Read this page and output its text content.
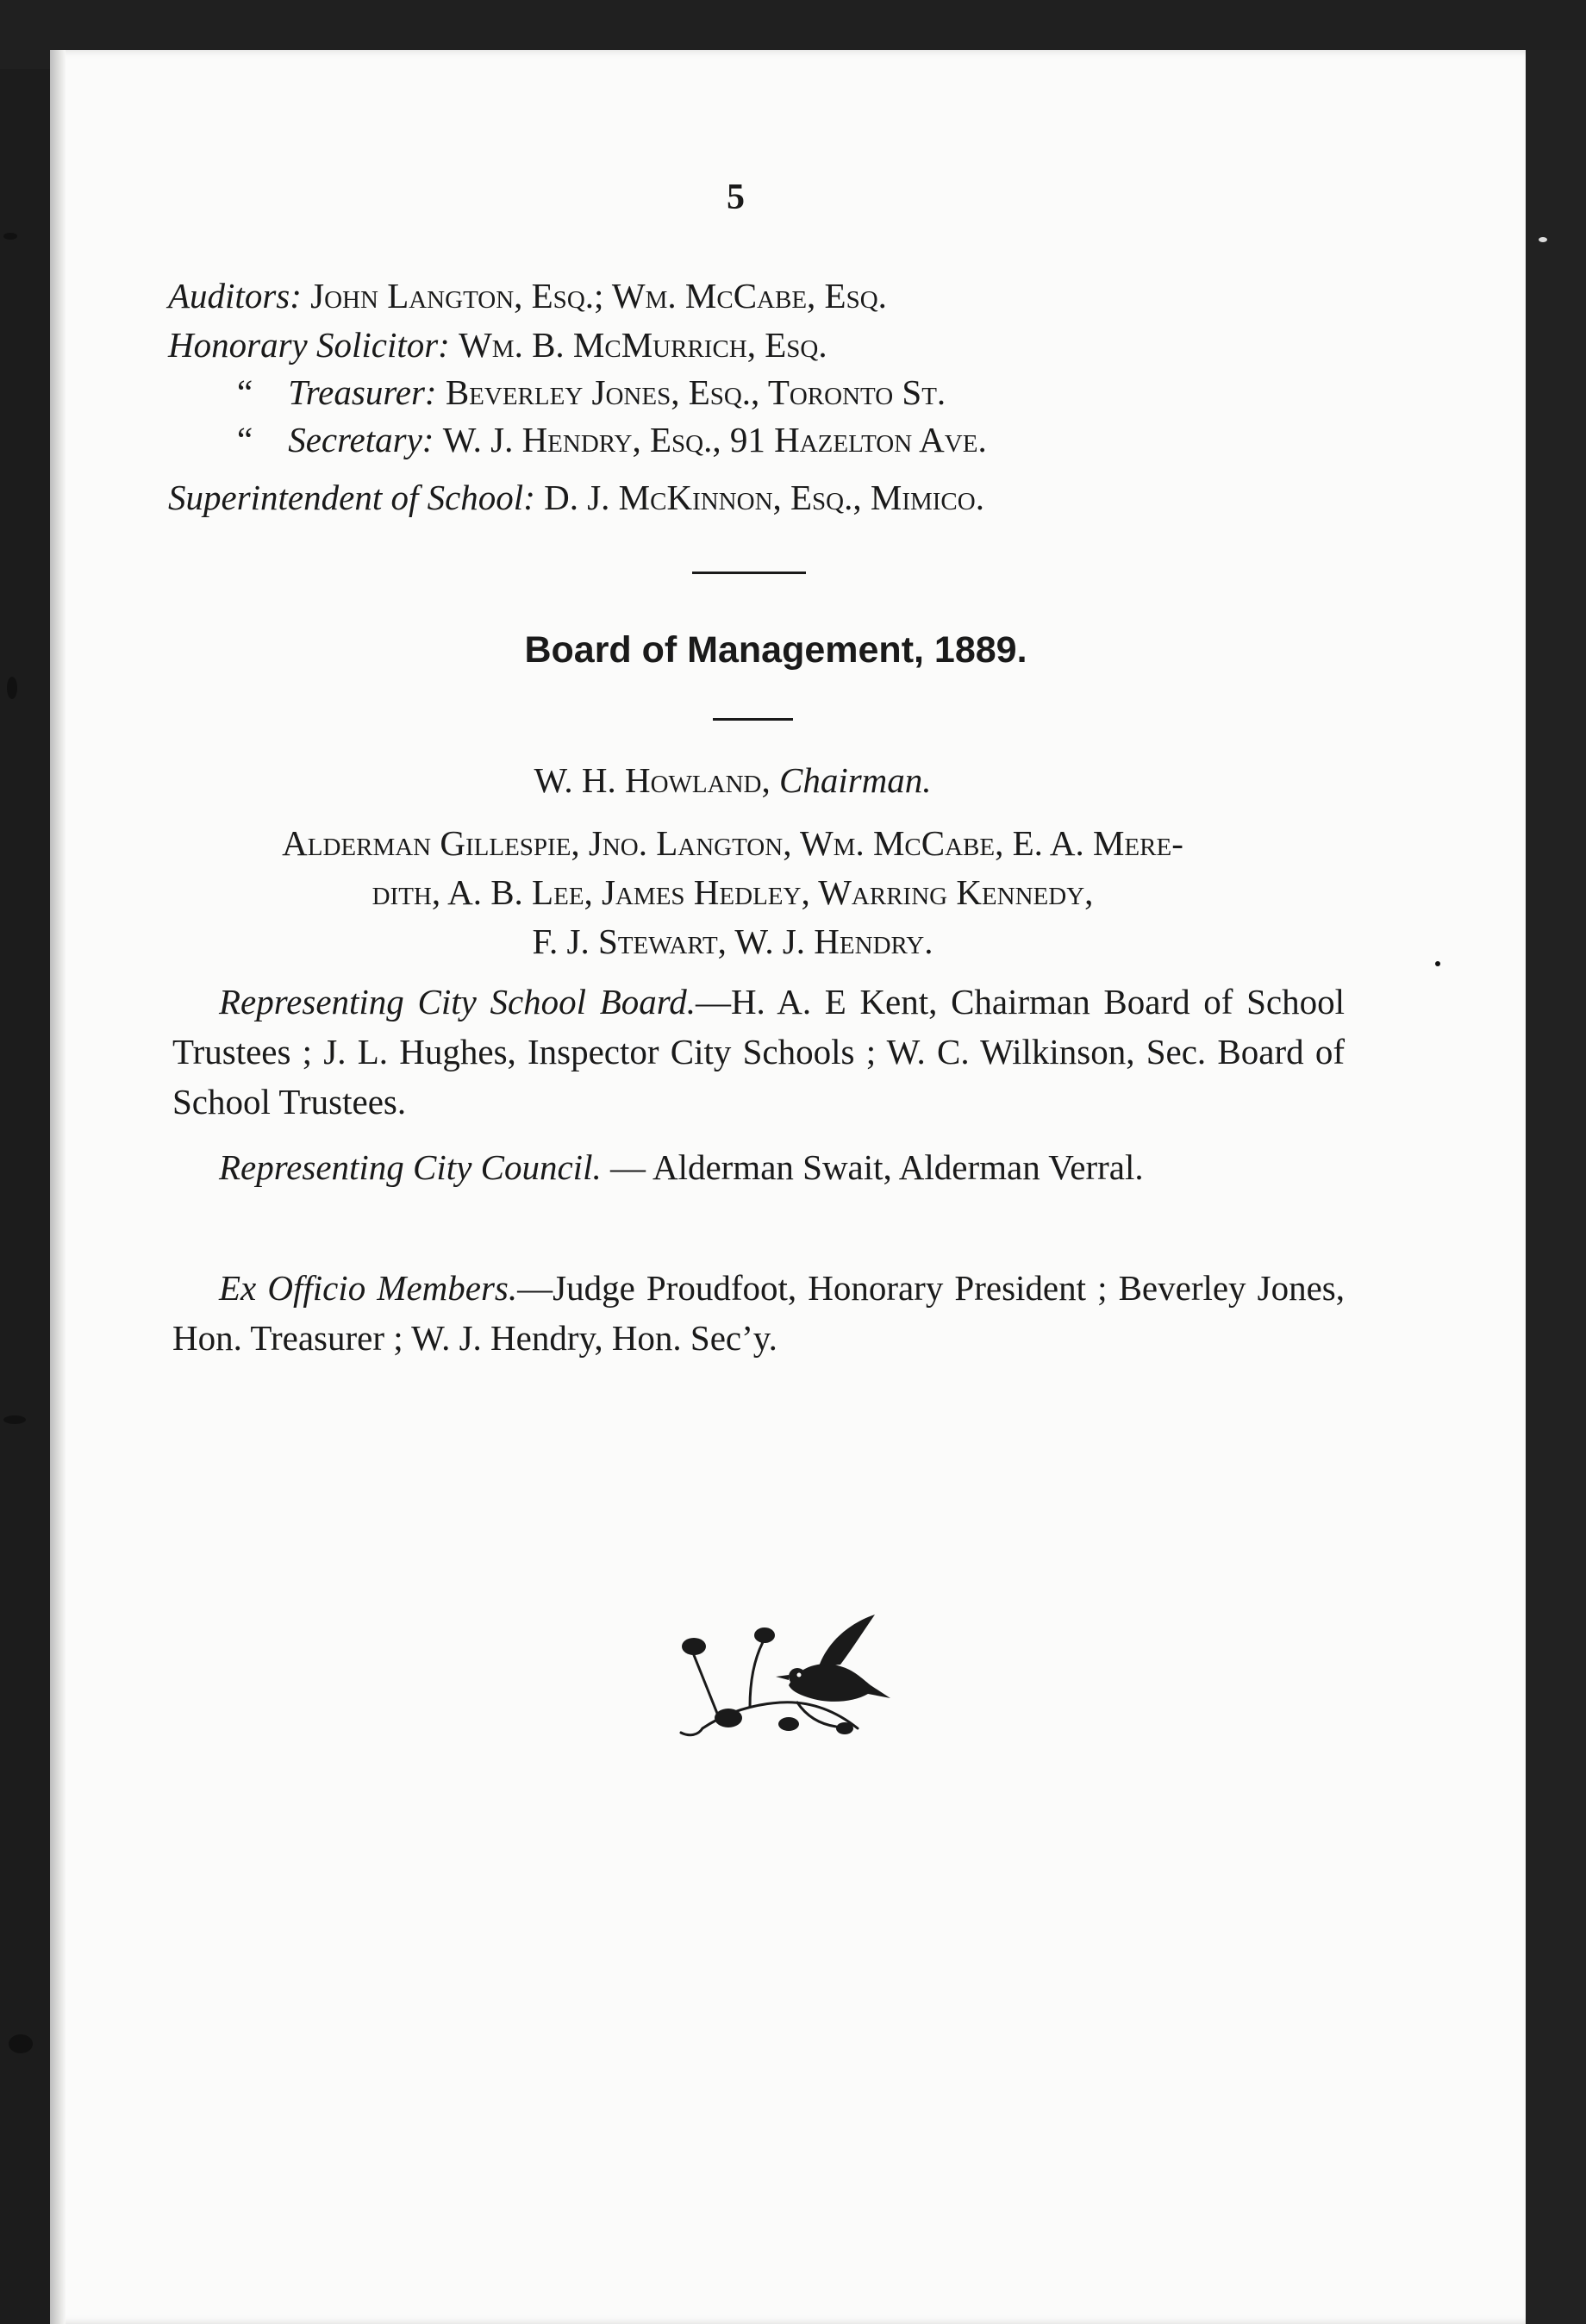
5
Auditors: John Langton, Esq.; Wm. McCabe, Esq.
Honorary Solicitor: Wm. B. McMurrich, Esq.
“ Treasurer: Beverley Jones, Esq., Toronto St.
“ Secretary: W. J. Hendry, Esq., 91 Hazelton Ave.
Superintendent of School: D. J. McKinnon, Esq., Mimico.
Board of Management, 1889.
W. H. Howland, Chairman.
Alderman Gillespie, Jno. Langton, Wm. McCabe, E. A. Mere-
dith, A. B. Lee, James Hedley, Warring Kennedy,
F. J. Stewart, W. J. Hendry.
Representing City School Board.—H. A. E Kent, Chairman Board of School Trustees ; J. L. Hughes, Inspector City Schools ; W. C. Wilkinson, Sec. Board of School Trustees.
Representing City Council. — Alderman Swait, Alderman Verral.
Ex Officio Members.—Judge Proudfoot, Honorary President ; Beverley Jones, Hon. Treasurer ; W. J. Hendry, Hon. Sec’y.
